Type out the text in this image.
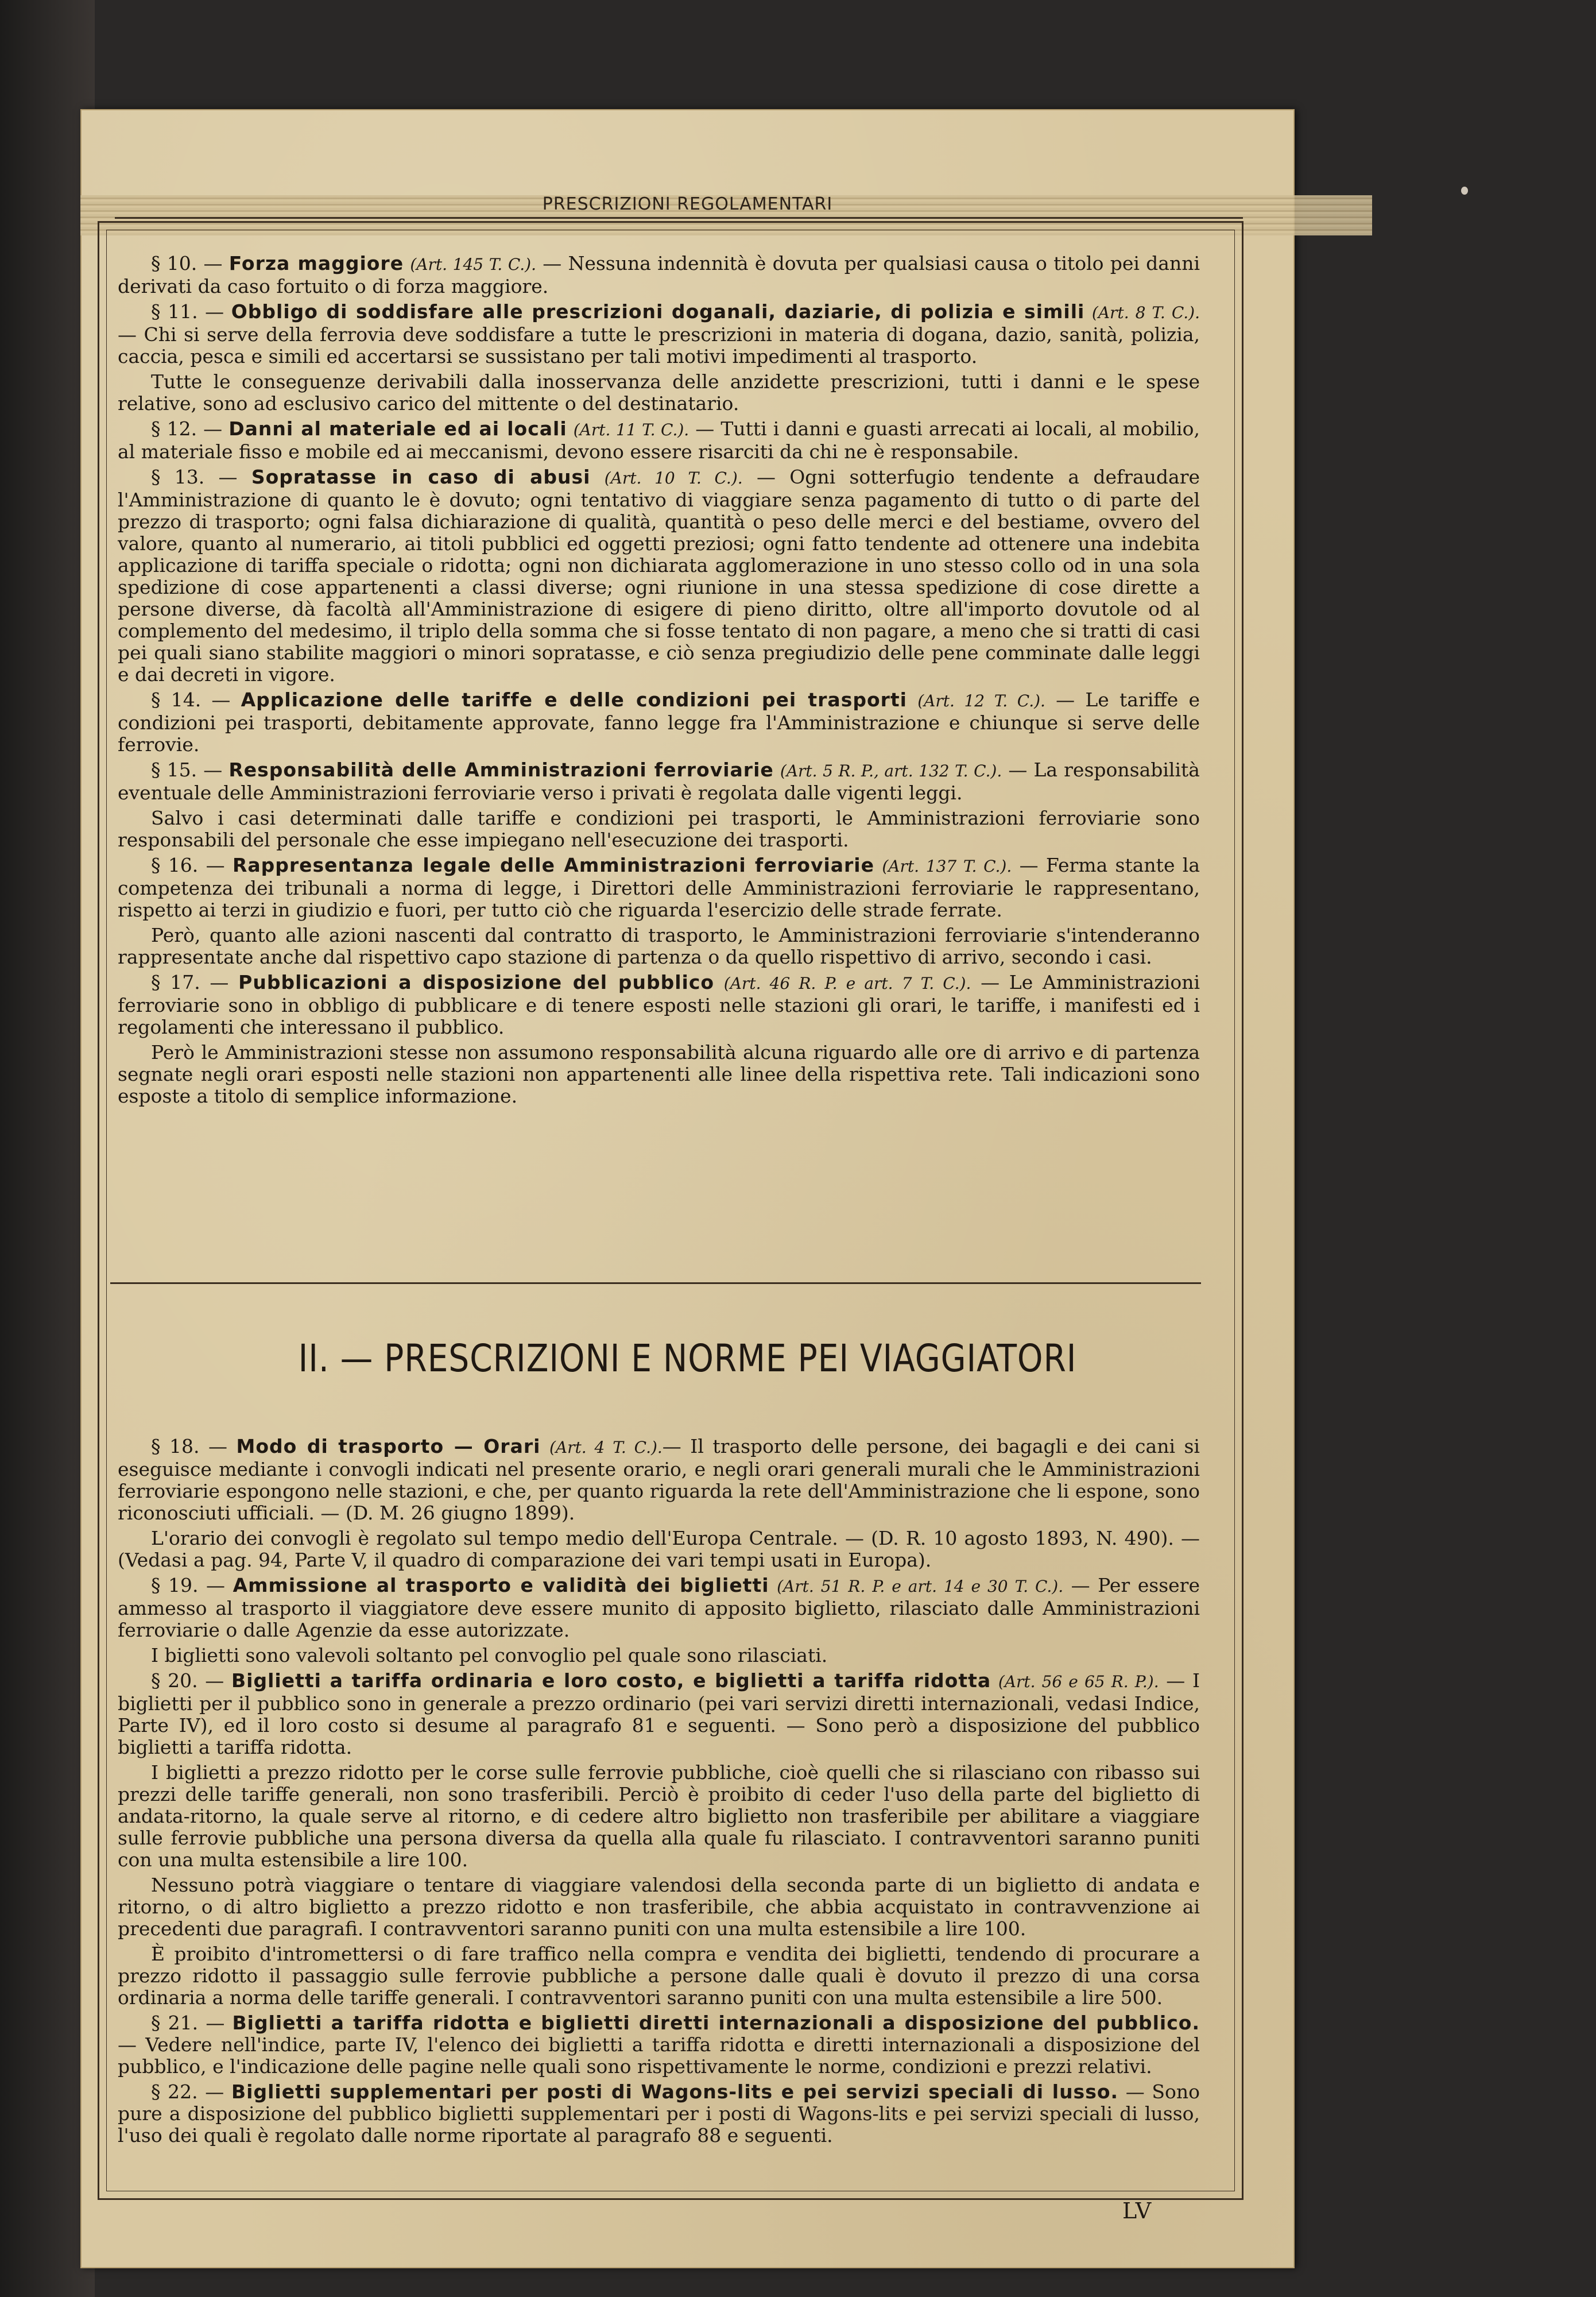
PRESCRIZIONI REGOLAMENTARI

§ 10. — Forza maggiore (Art. 145 T. C.). — Nessuna indennità è dovuta per qualsiasi causa o titolo pei danni derivati da caso fortuito o di forza maggiore.

§ 11. — Obbligo di soddisfare alle prescrizioni doganali, daziarie, di polizia e simili (Art. 8 T. C.). — Chi si serve della ferrovia deve soddisfare a tutte le prescrizioni in materia di dogana, dazio, sanità, polizia, caccia, pesca e simili ed accertarsi se sussistano per tali motivi impedimenti al trasporto.

Tutte le conseguenze derivabili dalla inosservanza delle anzidette prescrizioni, tutti i danni e le spese relative, sono ad esclusivo carico del mittente o del destinatario.

§ 12. — Danni al materiale ed ai locali (Art. 11 T. C.). — Tutti i danni e guasti arrecati ai locali, al mobilio, al materiale fisso e mobile ed ai meccanismi, devono essere risarciti da chi ne è responsabile.

§ 13. — Sopratasse in caso di abusi (Art. 10 T. C.). — Ogni sotterfugio tendente a defraudare l'Amministrazione di quanto le è dovuto; ogni tentativo di viaggiare senza pagamento di tutto o di parte del prezzo di trasporto; ogni falsa dichiarazione di qualità, quantità o peso delle merci e del bestiame, ovvero del valore, quanto al numerario, ai titoli pubblici ed oggetti preziosi; ogni fatto tendente ad ottenere una indebita applicazione di tariffa speciale o ridotta; ogni non dichiarata agglomerazione in uno stesso collo od in una sola spedizione di cose appartenenti a classi diverse; ogni riunione in una stessa spedizione di cose dirette a persone diverse, dà facoltà all'Amministrazione di esigere di pieno diritto, oltre all'importo dovutole od al complemento del medesimo, il triplo della somma che si fosse tentato di non pagare, a meno che si tratti di casi pei quali siano stabilite maggiori o minori sopratasse, e ciò senza pregiudizio delle pene comminate dalle leggi e dai decreti in vigore.

§ 14. — Applicazione delle tariffe e delle condizioni pei trasporti (Art. 12 T. C.). — Le tariffe e condizioni pei trasporti, debitamente approvate, fanno legge fra l'Amministrazione e chiunque si serve delle ferrovie.

§ 15. — Responsabilità delle Amministrazioni ferroviarie (Art. 5 R. P., art. 132 T. C.). — La responsabilità eventuale delle Amministrazioni ferroviarie verso i privati è regolata dalle vigenti leggi.

Salvo i casi determinati dalle tariffe e condizioni pei trasporti, le Amministrazioni ferroviarie sono responsabili del personale che esse impiegano nell'esecuzione dei trasporti.

§ 16. — Rappresentanza legale delle Amministrazioni ferroviarie (Art. 137 T. C.). — Ferma stante la competenza dei tribunali a norma di legge, i Direttori delle Amministrazioni ferroviarie le rappresentano, rispetto ai terzi in giudizio e fuori, per tutto ciò che riguarda l'esercizio delle strade ferrate.

Però, quanto alle azioni nascenti dal contratto di trasporto, le Amministrazioni ferroviarie s'intenderanno rappresentate anche dal rispettivo capo stazione di partenza o da quello rispettivo di arrivo, secondo i casi.

§ 17. — Pubblicazioni a disposizione del pubblico (Art. 46 R. P. e art. 7 T. C.). — Le Amministrazioni ferroviarie sono in obbligo di pubblicare e di tenere esposti nelle stazioni gli orari, le tariffe, i manifesti ed i regolamenti che interessano il pubblico.

Però le Amministrazioni stesse non assumono responsabilità alcuna riguardo alle ore di arrivo e di partenza segnate negli orari esposti nelle stazioni non appartenenti alle linee della rispettiva rete. Tali indicazioni sono esposte a titolo di semplice informazione.

II. — PRESCRIZIONI E NORME PEI VIAGGIATORI

§ 18. — Modo di trasporto — Orari (Art. 4 T. C.).— Il trasporto delle persone, dei bagagli e dei cani si eseguisce mediante i convogli indicati nel presente orario, e negli orari generali murali che le Amministrazioni ferroviarie espongono nelle stazioni, e che, per quanto riguarda la rete dell'Amministrazione che li espone, sono riconosciuti ufficiali. — (D. M. 26 giugno 1899).

L'orario dei convogli è regolato sul tempo medio dell'Europa Centrale. — (D. R. 10 agosto 1893, N. 490). — (Vedasi a pag. 94, Parte V, il quadro di comparazione dei vari tempi usati in Europa).

§ 19. — Ammissione al trasporto e validità dei biglietti (Art. 51 R. P. e art. 14 e 30 T. C.). — Per essere ammesso al trasporto il viaggiatore deve essere munito di apposito biglietto, rilasciato dalle Amministrazioni ferroviarie o dalle Agenzie da esse autorizzate.

I biglietti sono valevoli soltanto pel convoglio pel quale sono rilasciati.

§ 20. — Biglietti a tariffa ordinaria e loro costo, e biglietti a tariffa ridotta (Art. 56 e 65 R. P.). — I biglietti per il pubblico sono in generale a prezzo ordinario (pei vari servizi diretti internazionali, vedasi Indice, Parte IV), ed il loro costo si desume al paragrafo 81 e seguenti. — Sono però a disposizione del pubblico biglietti a tariffa ridotta.

I biglietti a prezzo ridotto per le corse sulle ferrovie pubbliche, cioè quelli che si rilasciano con ribasso sui prezzi delle tariffe generali, non sono trasferibili. Perciò è proibito di ceder l'uso della parte del biglietto di andata-ritorno, la quale serve al ritorno, e di cedere altro biglietto non trasferibile per abilitare a viaggiare sulle ferrovie pubbliche una persona diversa da quella alla quale fu rilasciato. I contravventori saranno puniti con una multa estensibile a lire 100.

Nessuno potrà viaggiare o tentare di viaggiare valendosi della seconda parte di un biglietto di andata e ritorno, o di altro biglietto a prezzo ridotto e non trasferibile, che abbia acquistato in contravvenzione ai precedenti due paragrafi. I contravventori saranno puniti con una multa estensibile a lire 100.

È proibito d'intromettersi o di fare traffico nella compra e vendita dei biglietti, tendendo di procurare a prezzo ridotto il passaggio sulle ferrovie pubbliche a persone dalle quali è dovuto il prezzo di una corsa ordinaria a norma delle tariffe generali. I contravventori saranno puniti con una multa estensibile a lire 500.

§ 21. — Biglietti a tariffa ridotta e biglietti diretti internazionali a disposizione del pubblico. — Vedere nell'indice, parte IV, l'elenco dei biglietti a tariffa ridotta e diretti internazionali a disposizione del pubblico, e l'indicazione delle pagine nelle quali sono rispettivamente le norme, condizioni e prezzi relativi.

§ 22. — Biglietti supplementari per posti di Wagons-lits e pei servizi speciali di lusso. — Sono pure a disposizione del pubblico biglietti supplementari per i posti di Wagons-lits e pei servizi speciali di lusso, l'uso dei quali è regolato dalle norme riportate al paragrafo 88 e seguenti.

LV
